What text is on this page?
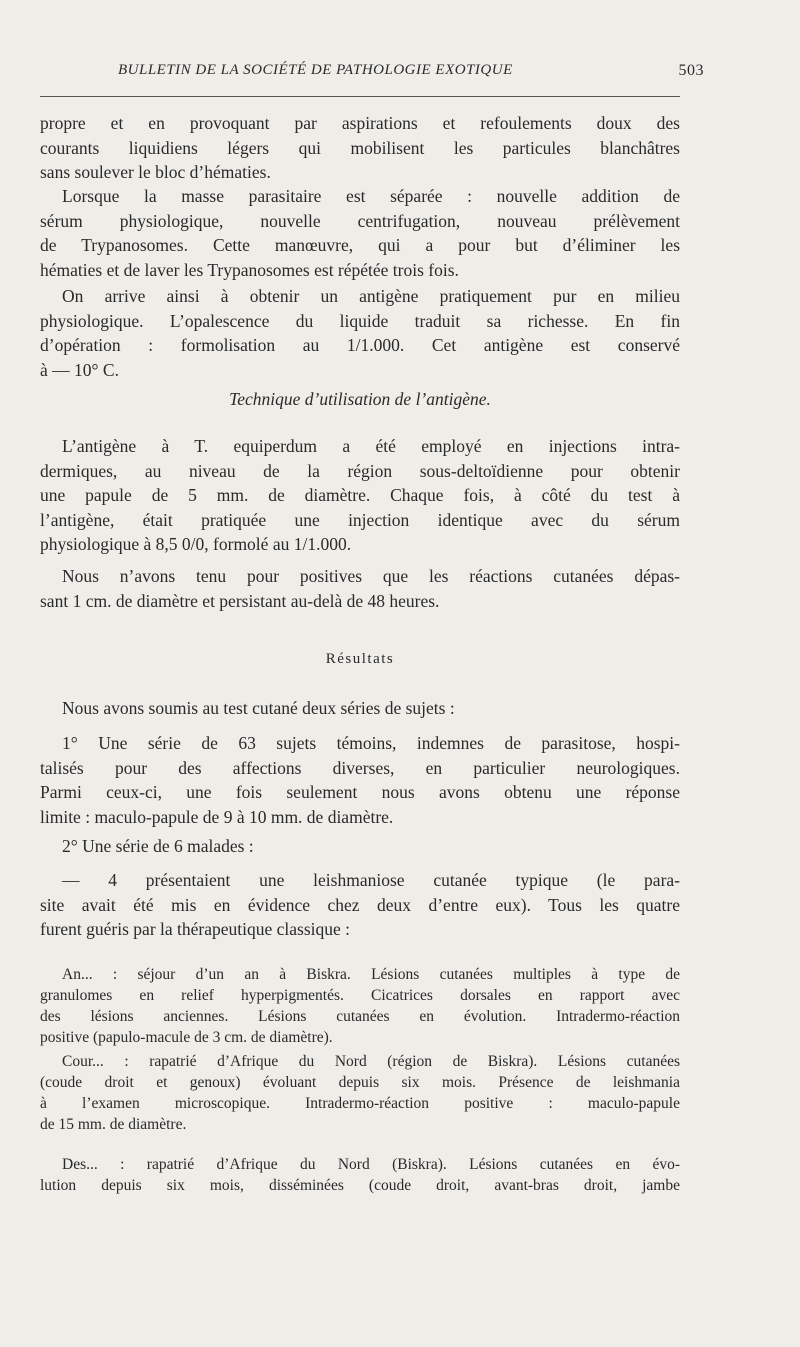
BULLETIN DE LA SOCIÉTÉ DE PATHOLOGIE EXOTIQUE	503
propre et en provoquant par aspirations et refoulements doux des
courants liquidiens légers qui mobilisent les particules blanchâtres
sans soulever le bloc d’hématies.
Lorsque la masse parasitaire est séparée : nouvelle addition de
sérum physiologique, nouvelle centrifugation, nouveau prélèvement
de Trypanosomes. Cette manœuvre, qui a pour but d’éliminer les
hématies et de laver les Trypanosomes est répétée trois fois.
On arrive ainsi à obtenir un antigène pratiquement pur en milieu
physiologique. L’opalescence du liquide traduit sa richesse. En fin
d’opération : formolisation au 1/1.000. Cet antigène est conservé
à — 10° C.
Technique d’utilisation de l’antigène.
L’antigène à T. equiperdum a été employé en injections intra-
dermiques, au niveau de la région sous-deltoïdienne pour obtenir
une papule de 5 mm. de diamètre. Chaque fois, à côté du test à
l’antigène, était pratiquée une injection identique avec du sérum
physiologique à 8,5 0/0, formolé au 1/1.000.
Nous n’avons tenu pour positives que les réactions cutanées dépas-
sant 1 cm. de diamètre et persistant au-delà de 48 heures.
Résultats
Nous avons soumis au test cutané deux séries de sujets :
1° Une série de 63 sujets témoins, indemnes de parasitose, hospi-
talisés pour des affections diverses, en particulier neurologiques.
Parmi ceux-ci, une fois seulement nous avons obtenu une réponse
limite : maculo-papule de 9 à 10 mm. de diamètre.
2° Une série de 6 malades :
— 4 présentaient une leishmaniose cutanée typique (le para-
site avait été mis en évidence chez deux d’entre eux). Tous les quatre
furent guéris par la thérapeutique classique :
An... : séjour d’un an à Biskra. Lésions cutanées multiples à type de
granulomes en relief hyperpigmentés. Cicatrices dorsales en rapport avec
des lésions anciennes. Lésions cutanées en évolution. Intradermo-réaction
positive (papulo-macule de 3 cm. de diamètre).
Cour... : rapatrié d’Afrique du Nord (région de Biskra). Lésions cutanées
(coude droit et genoux) évoluant depuis six mois. Présence de leishmania
à l’examen microscopique. Intradermo-réaction positive : maculo-papule
de 15 mm. de diamètre.
Des... : rapatrié d’Afrique du Nord (Biskra). Lésions cutanées en évo-
lution depuis six mois, disséminées (coude droit, avant-bras droit, jambe
